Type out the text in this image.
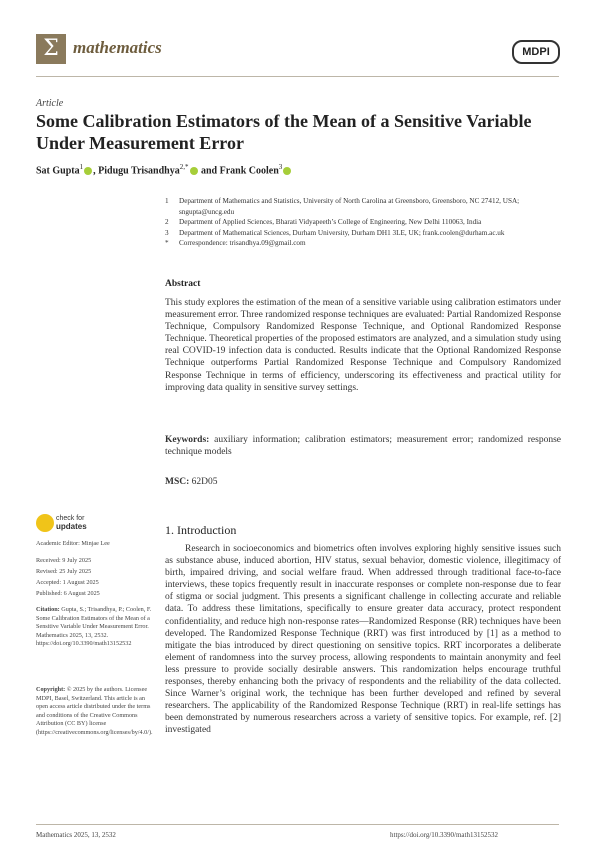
Σ mathematics	MDPI
Article
Some Calibration Estimators of the Mean of a Sensitive Variable Under Measurement Error
Sat Gupta$^1$ , Pidugu Trisandhya$^{2,*}$ and Frank Coolen$^3$
1	Department of Mathematics and Statistics, University of North Carolina at Greensboro, Greensboro, NC 27412, USA; sngupta@uncg.edu
2	Department of Applied Sciences, Bharati Vidyapeeth’s College of Engineering, New Delhi 110063, India
3	Department of Mathematical Sciences, Durham University, Durham DH1 3LE, UK; frank.coolen@durham.ac.uk
*	Correspondence: trisandhya.09@gmail.com
Abstract
This study explores the estimation of the mean of a sensitive variable using calibration estimators under measurement error. Three randomized response techniques are evaluated: Partial Randomized Response Technique, Compulsory Randomized Response Technique, and Optional Randomized Response Technique. Theoretical properties of the proposed estimators are analyzed, and a simulation study using real COVID-19 infection data is conducted. Results indicate that the Optional Randomized Response Technique outperforms Partial Randomized Response Technique and Compulsory Randomized Response Technique in terms of efficiency, underscoring its effectiveness and practical utility for improving data quality in sensitive survey settings.
Keywords: auxiliary information; calibration estimators; measurement error; randomized response technique models
MSC: 62D05
check for
updates
Academic Editor: Minjae Lee
Received: 9 July 2025
Revised: 25 July 2025
Accepted: 1 August 2025
Published: 6 August 2025
Citation: Gupta, S.; Trisandhya, P.; Coolen, F. Some Calibration Estimators of the Mean of a Sensitive Variable Under Measurement Error. Mathematics 2025, 13, 2532. https://doi.org/10.3390/math13152532
Copyright: © 2025 by the authors. Licensee MDPI, Basel, Switzerland. This article is an open access article distributed under the terms and conditions of the Creative Commons Attribution (CC BY) license (https://creativecommons.org/licenses/by/4.0/).
1. Introduction
Research in socioeconomics and biometrics often involves exploring highly sensitive issues such as substance abuse, induced abortion, HIV status, sexual behavior, domestic violence, illegitimacy of birth, impaired driving, and social welfare fraud. When addressed through traditional face-to-face interviews, these topics frequently result in inaccurate responses or complete non-response due to fear of stigma or social judgment. This presents a significant challenge in collecting accurate and reliable data. To address these limitations, specifically to ensure greater data accuracy, protect respondent confidentiality, and reduce high non-response rates—Randomized Response (RR) techniques have been developed. The Randomized Response Technique (RRT) was first introduced by [1] as a method to mitigate the bias introduced by direct questioning on sensitive topics. RRT incorporates a deliberate element of randomness into the survey process, allowing respondents to maintain anonymity and feel less pressure to provide socially desirable answers. This randomization helps encourage truthful responses, thereby enhancing both the privacy of respondents and the reliability of the data collected. Since Warner’s original work, the technique has been further developed and refined by several researchers. The applicability of the Randomized Response Technique (RRT) in real-life settings has been demonstrated by numerous researchers across a variety of sensitive topics. For example, ref. [2] investigated
Mathematics 2025, 13, 2532	https://doi.org/10.3390/math13152532
